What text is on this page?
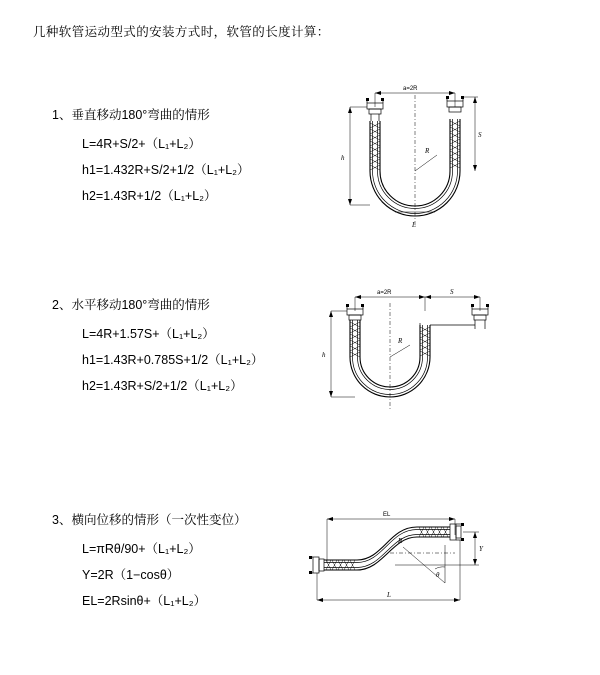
几种软管运动型式的安装方式时，软管的长度计算：
1、垂直移动180°弯曲的情形
L=4R+S/2+（L₁+L₂）
h1=1.432R+S/2+1/2（L₁+L₂）
h2=1.43R+1/2（L₁+L₂）
a=2R
S
h
R
L
2、水平移动180°弯曲的情形
L=4R+1.57S+（L₁+L₂）
h1=1.43R+0.785S+1/2（L₁+L₂）
h2=1.43R+S/2+1/2（L₁+L₂）
a=2R	S
h
R
3、横向位移的情形（一次性变位）
L=πRθ/90+（L₁+L₂）
Y=2R（1−cosθ）
EL=2Rsinθ+（L₁+L₂）
EL
Y
L
θ
R
